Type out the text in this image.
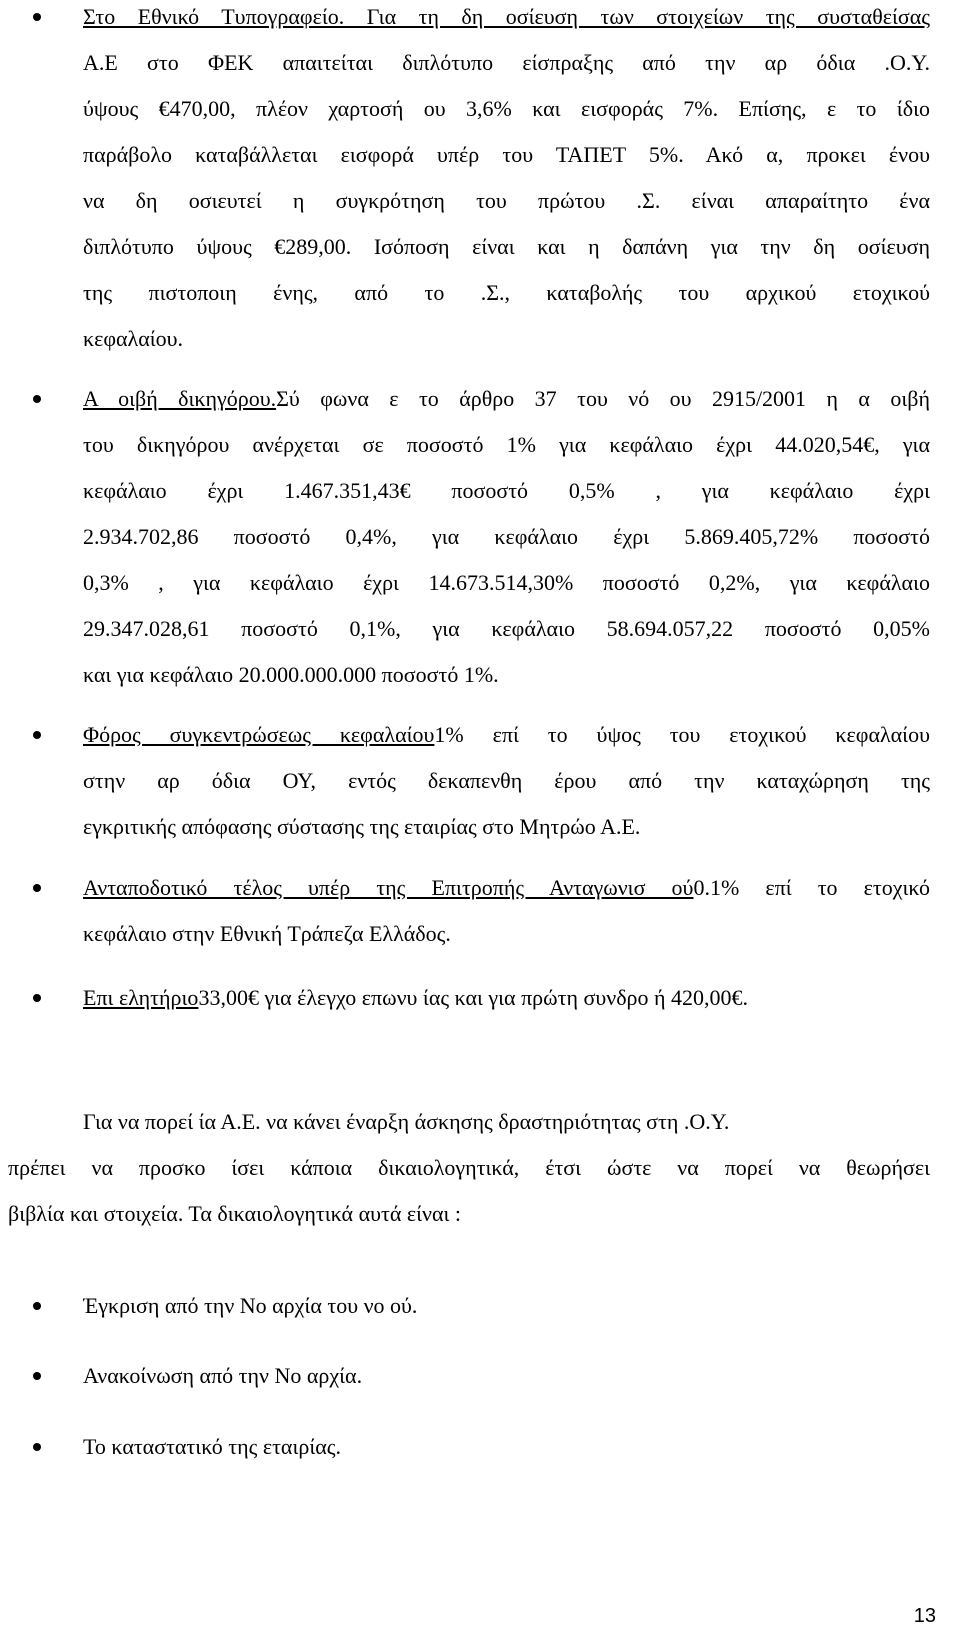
Στο Εθνικό Τυπογραφείο. Για τη δη οσίευση των στοιχείων της συσταθείσας
Α.Ε στο ΦΕΚ απαιτείται διπλότυπο είσπραξης από την αρ όδια .Ο.Υ.
ύψους €470,00, πλέον χαρτοσή ου 3,6% και εισφοράς 7%. Επίσης, ε το ίδιο
παράβολο καταβάλλεται εισφορά υπέρ του ΤΑΠΕΤ 5%. Ακό α, προκει ένου
να δη οσιευτεί η συγκρότηση του πρώτου .Σ. είναι απαραίτητο ένα
διπλότυπο ύψους €289,00. Ισόποση είναι και η δαπάνη για την δη οσίευση
της πιστοποιη ένης, από το .Σ., καταβολής του αρχικού ετοχικού
κεφαλαίου.
Α οιβή δικηγόρου.Σύ φωνα ε το άρθρο 37 του νό ου 2915/2001 η α οιβή
του δικηγόρου ανέρχεται σε ποσοστό 1% για κεφάλαιο έχρι 44.020,54€, για
κεφάλαιο έχρι 1.467.351,43€ ποσοστό 0,5% , για κεφάλαιο έχρι
2.934.702,86 ποσοστό 0,4%, για κεφάλαιο έχρι 5.869.405,72% ποσοστό
0,3% , για κεφάλαιο έχρι 14.673.514,30% ποσοστό 0,2%, για κεφάλαιο
29.347.028,61 ποσοστό 0,1%, για κεφάλαιο 58.694.057,22 ποσοστό 0,05%
και για κεφάλαιο 20.000.000.000 ποσοστό 1%.
Φόρος συγκεντρώσεως κεφαλαίου1% επί το ύψος του ετοχικού κεφαλαίου
στην αρ όδια ΟΥ, εντός δεκαπενθη έρου από την καταχώρηση της
εγκριτικής απόφασης σύστασης της εταιρίας στο Μητρώο Α.Ε.
Ανταποδοτικό τέλος υπέρ της Επιτροπής Ανταγωνισ ού0.1% επί το ετοχικό
κεφάλαιο στην Εθνική Τράπεζα Ελλάδος.
Επι ελητήριο33,00€ για έλεγχο επωνυ ίας και για πρώτη συνδρο ή 420,00€.
Για να πορεί ία Α.Ε. να κάνει έναρξη άσκησης δραστηριότητας στη .Ο.Υ.
πρέπει να προσκο ίσει κάποια δικαιολογητικά, έτσι ώστε να πορεί να θεωρήσει
βιβλία και στοιχεία. Τα δικαιολογητικά αυτά είναι :
Έγκριση από την Νο αρχία του νο ού.
Ανακοίνωση από την Νο αρχία.
Το καταστατικό της εταιρίας.
13
